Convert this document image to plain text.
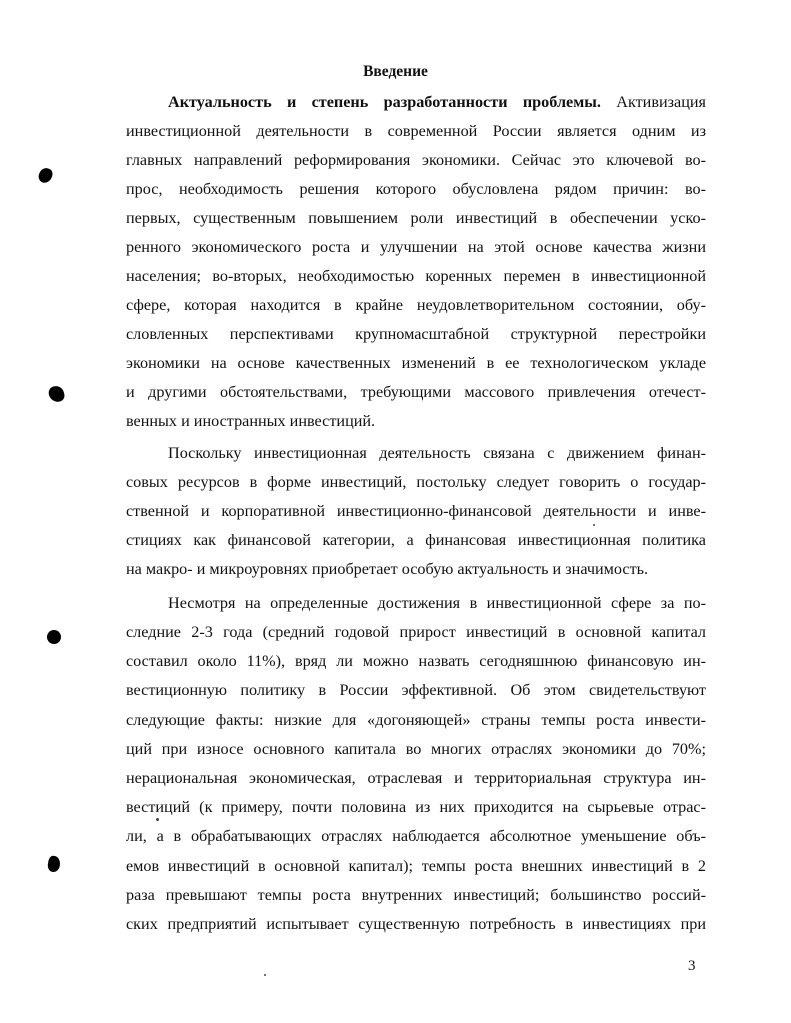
Введение
Актуальность и степень разработанности проблемы. Активизация
инвестиционной деятельности в современной России является одним из
главных направлений реформирования экономики. Сейчас это ключевой во-
прос, необходимость решения которого обусловлена рядом причин: во-
первых, существенным повышением роли инвестиций в обеспечении уско-
ренного экономического роста и улучшении на этой основе качества жизни
населения; во-вторых, необходимостью коренных перемен в инвестиционной
сфере, которая находится в крайне неудовлетворительном состоянии, обу-
словленных перспективами крупномасштабной структурной перестройки
экономики на основе качественных изменений в ее технологическом укладе
и другими обстоятельствами, требующими массового привлечения отечест-
венных и иностранных инвестиций.
Поскольку инвестиционная деятельность связана с движением финан-
совых ресурсов в форме инвестиций, постольку следует говорить о государ-
ственной и корпоративной инвестиционно-финансовой деятельности и инве-
стициях как финансовой категории, а финансовая инвестиционная политика
на макро- и микроуровнях приобретает особую актуальность и значимость.
Несмотря на определенные достижения в инвестиционной сфере за по-
следние 2-3 года (средний годовой прирост инвестиций в основной капитал
составил около 11%), вряд ли можно назвать сегодняшнюю финансовую ин-
вестиционную политику в России эффективной. Об этом свидетельствуют
следующие факты: низкие для «догоняющей» страны темпы роста инвести-
ций при износе основного капитала во многих отраслях экономики до 70%;
нерациональная экономическая, отраслевая и территориальная структура ин-
вестиций (к примеру, почти половина из них приходится на сырьевые отрас-
ли, а в обрабатывающих отраслях наблюдается абсолютное уменьшение объ-
емов инвестиций в основной капитал); темпы роста внешних инвестиций в 2
раза превышают темпы роста внутренних инвестиций; большинство россий-
ских предприятий испытывает существенную потребность в инвестициях при
3
